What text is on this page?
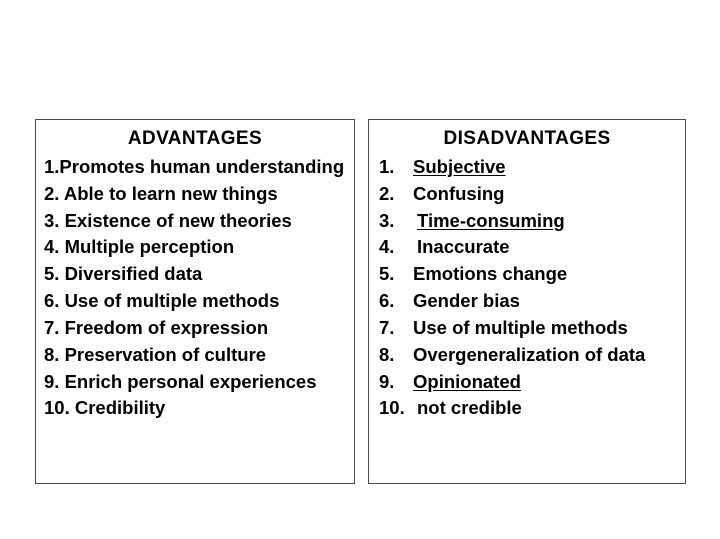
ADVANTAGES
1.Promotes human understanding
2. Able to learn new things
3. Existence of new theories
4. Multiple perception
5. Diversified data
6. Use of multiple methods
7. Freedom of expression
8. Preservation of culture
9. Enrich personal experiences
10. Credibility
DISADVANTAGES
1.	Subjective
2.	Confusing
3.	Time-consuming
4.	Inaccurate
5.	Emotions change
6.	Gender bias
7.	Use of multiple methods
8.	Overgeneralization of data
9.	Opinionated
10. not credible
